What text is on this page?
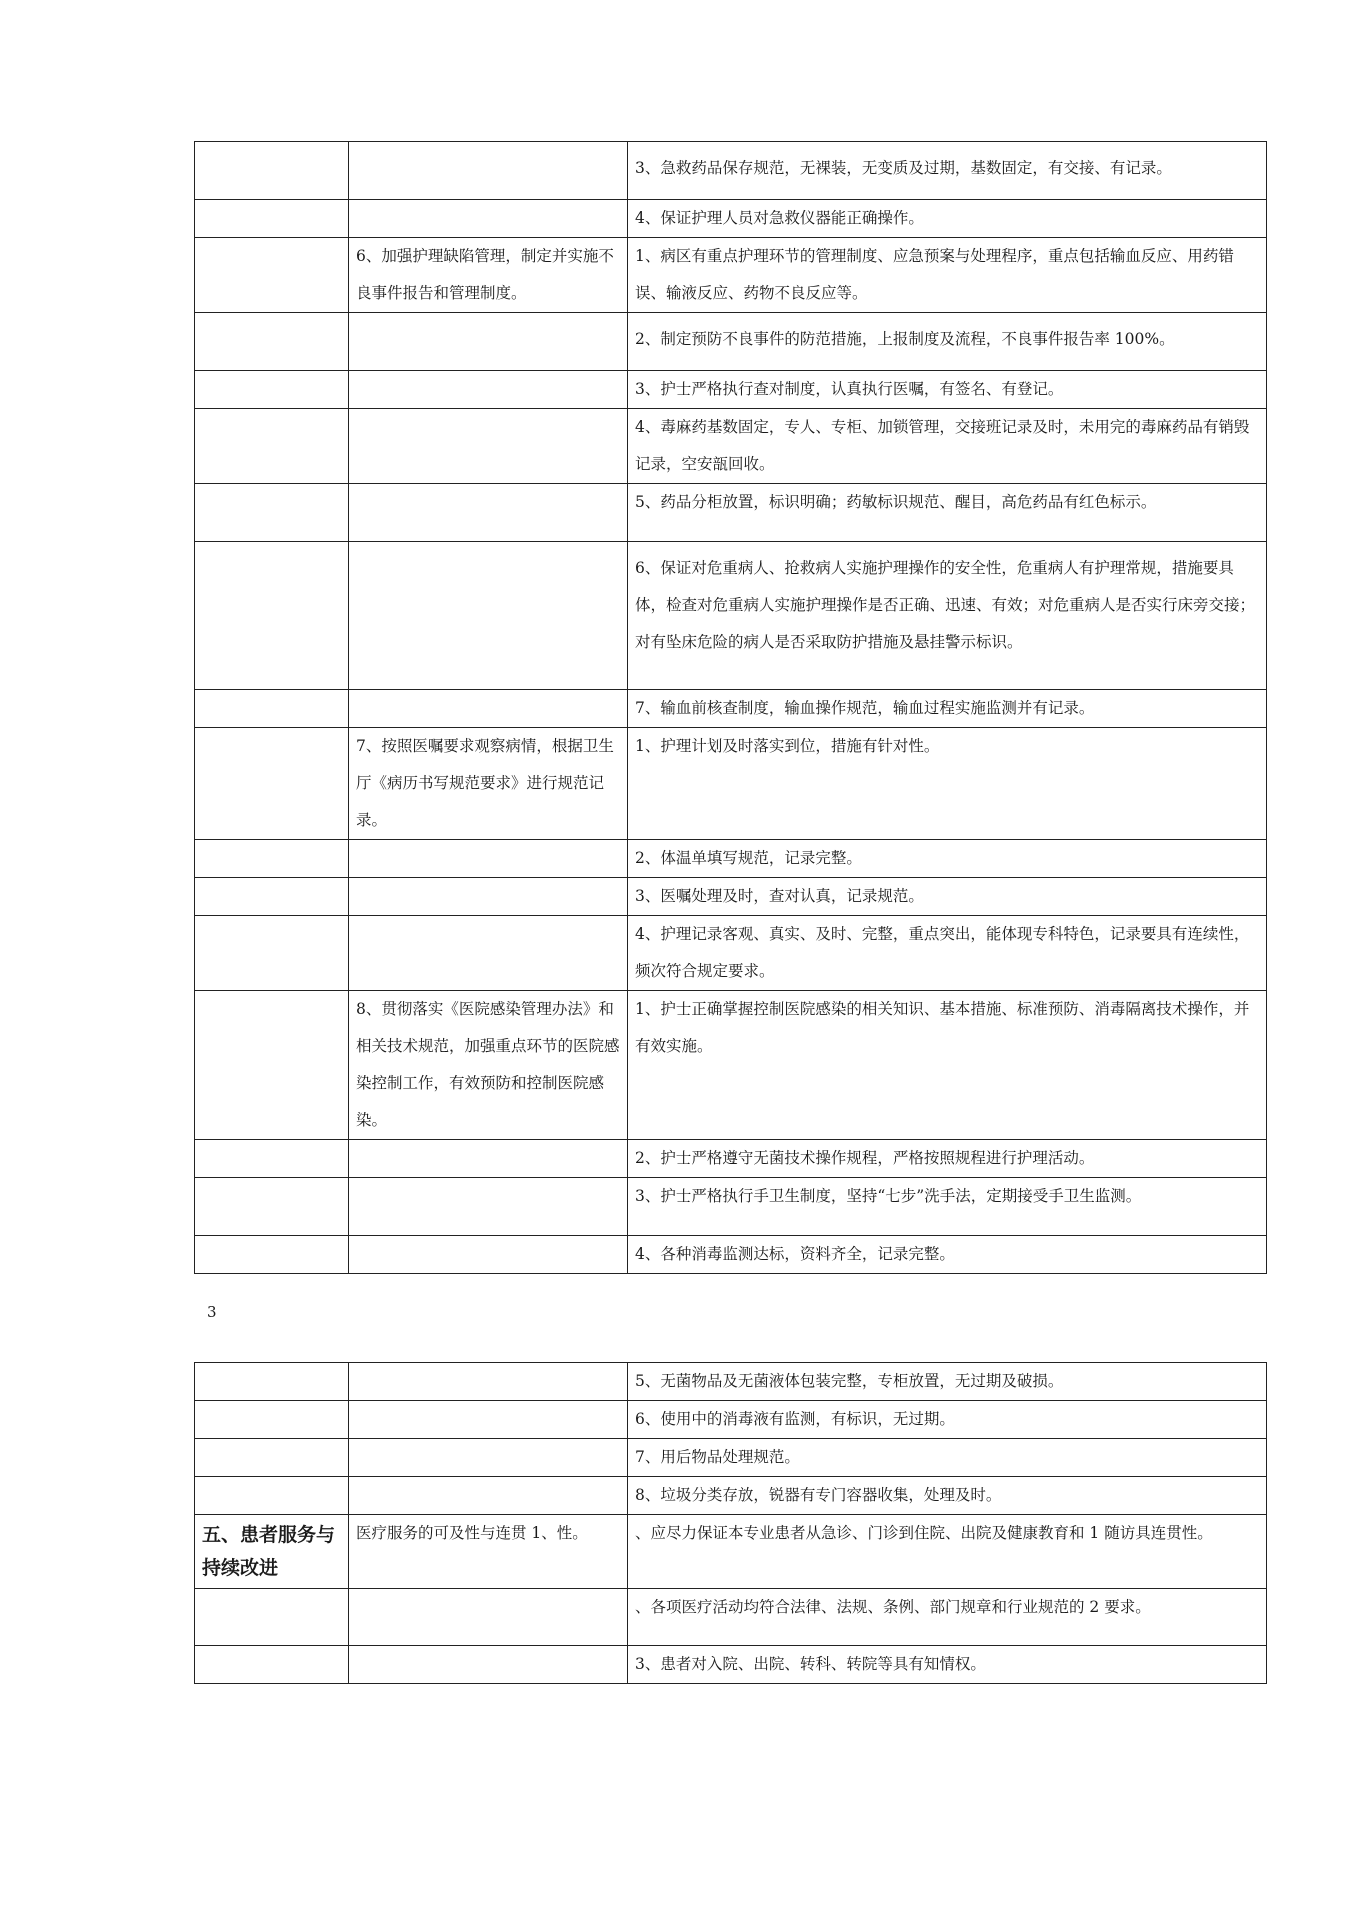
		3、急救药品保存规范，无裸装，无变质及过期，基数固定，有交接、有记录。
		4、保证护理人员对急救仪器能正确操作。
	6、加强护理缺陷管理，制定并实施不良事件报告和管理制度。	1、病区有重点护理环节的管理制度、应急预案与处理程序，重点包括输血反应、用药错误、输液反应、药物不良反应等。
		2、制定预防不良事件的防范措施，上报制度及流程，不良事件报告率 100%。
		3、护士严格执行查对制度，认真执行医嘱，有签名、有登记。
		4、毒麻药基数固定，专人、专柜、加锁管理，交接班记录及时，未用完的毒麻药品有销毁记录，空安瓿回收。
		5、药品分柜放置，标识明确；药敏标识规范、醒目，高危药品有红色标示。
		6、保证对危重病人、抢救病人实施护理操作的安全性，危重病人有护理常规，措施要具体，检查对危重病人实施护理操作是否正确、迅速、有效；对危重病人是否实行床旁交接；对有坠床危险的病人是否采取防护措施及悬挂警示标识。
		7、输血前核查制度，输血操作规范，输血过程实施监测并有记录。
	7、按照医嘱要求观察病情，根据卫生厅《病历书写规范要求》进行规范记录。	1、护理计划及时落实到位，措施有针对性。
		2、体温单填写规范，记录完整。
		3、医嘱处理及时，查对认真，记录规范。
		4、护理记录客观、真实、及时、完整，重点突出，能体现专科特色，记录要具有连续性，频次符合规定要求。
	8、贯彻落实《医院感染管理办法》和相关技术规范，加强重点环节的医院感染控制工作，有效预防和控制医院感染。	1、护士正确掌握控制医院感染的相关知识、基本措施、标准预防、消毒隔离技术操作，并有效实施。
		2、护士严格遵守无菌技术操作规程，严格按照规程进行护理活动。
		3、护士严格执行手卫生制度，坚持“七步”洗手法，定期接受手卫生监测。
		4、各种消毒监测达标，资料齐全，记录完整。
3
		5、无菌物品及无菌液体包装完整，专柜放置，无过期及破损。
		6、使用中的消毒液有监测，有标识，无过期。
		7、用后物品处理规范。
		8、垃圾分类存放，锐器有专门容器收集，处理及时。

五、患者服务与持续改进	医疗服务的可及性与连贯 1、性。	、应尽力保证本专业患者从急诊、门诊到住院、出院及健康教育和 1 随访具连贯性。
		、各项医疗活动均符合法律、法规、条例、部门规章和行业规范的 2 要求。
		3、患者对入院、出院、转科、转院等具有知情权。
